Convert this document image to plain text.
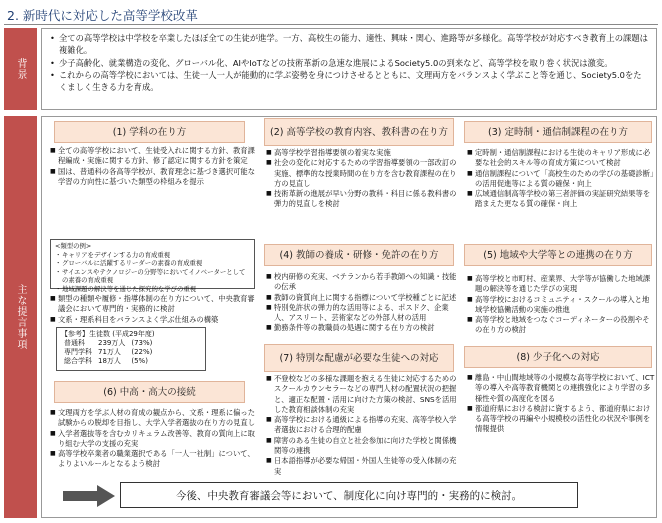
2. 新時代に対応した高等学校改革
背景
• 全ての高等学校は中学校を卒業したほぼ全ての生徒が進学。一方、高校生の能力、適性、興味・関心、進路等が多様化。高等学校が対応すべき教育上の課題は複雑化。
• 少子高齢化、就業構造の変化、グローバル化、AIやIoTなどの技術革新の急速な進展によるSociety5.0の到来など、高等学校を取り巻く状況は激変。
• これからの高等学校においては、生徒一人一人が能動的に学ぶ姿勢を身につけさせるとともに、文理両方をバランスよく学ぶこと等を通じ、Society5.0をたくましく生きる力を育成。
主な提言事項
(1) 学科の在り方
■ 全ての高等学校において、生徒受入れに関する方針、教育課程編成・実施に関する方針、修了認定に関する方針を策定
■ 国は、普通科の各高等学校が、教育理念に基づき選択可能な学習の方向性に基づいた類型の枠組みを提示
<類型の例>
・ キャリアをデザインする力の育成重視
・ グローバルに活躍するリーダーの素養の育成重視
・ サイエンスやテクノロジーの分野等においてイノベーターとしての素養の育成重視
・ 地域課題の解決等を通じた探究的な学びの重視
■ 類型の種類や履修・指導体制の在り方について、中央教育審議会において専門的・実務的に検討
■ 文系・理系科目をバランスよく学ぶ仕組みの構築
【参考】生徒数 (平成29年度)
普通科	239万人	(73%)
専門学科	71万人	(22%)
総合学科	18万人	(5%)
(2) 高等学校の教育内容、教科書の在り方
■ 高等学校学習指導要領の着実な実施
■ 社会の変化に対応するための学習指導要領の一部改訂の実施、標準的な授業時間の在り方を含む教育課程の在り方の見直し
■ 技術革新の進展が早い分野の教科・科目に係る教科書の弾力的見直しを検討
(3) 定時制・通信制課程の在り方
■ 定時制・通信制課程における生徒のキャリア形成に必要な社会的スキル等の育成方策について検討
■ 通信制課程について「高校生のための学びの基礎診断」の活用促進等による質の確保・向上
■ 広域通信制高等学校の第三者評価の実証研究結果等を踏まえた更なる質の確保・向上
(4) 教師の養成・研修・免許の在り方
■ 校内研修の充実、ベテランから若手教師への知識・技能の伝承
■ 教師の資質向上に関する指標について学校種ごとに記述
■ 特別免許状の弾力的な活用等による、ポスドク、企業人、アスリート、芸術家などの外部人材の活用
■ 勤務条件等の教職員の処遇に関する在り方の検討
(5) 地域や大学等との連携の在り方
■ 高等学校と市町村、産業界、大学等が協働した地域課題の解決等を通じた学びの実現
■ 高等学校におけるコミュニティ・スクールの導入と地域学校協働活動の実施の推進
■ 高等学校と地域をつなぐコーディネーターの役割やその在り方の検討
(6) 中高・高大の接続
■ 文理両方を学ぶ人材の育成の観点から、文系・理系に偏った試験からの脱却を目指し、大学入学者選抜の在り方の見直し
■ 入学者選抜等を含むカリキュラム改善等、教育の質向上に取り組む大学の支援の充実
■ 高等学校卒業者の職業選択である「一人一社制」について、よりよいルールとなるよう検討
(7) 特別な配慮が必要な生徒への対応
■ 不登校などの多様な課題を抱える生徒に対応するためのスクールカウンセラーなどの専門人材の配置状況の把握と、適正な配置・活用に向けた方策の検討、SNSを活用した教育相談体制の充実
■ 高等学校における通級による指導の充実、高等学校入学者選抜における合理的配慮
■ 障害のある生徒の自立と社会参加に向けた学校と関係機関等の連携
■ 日本語指導が必要な帰国・外国人生徒等の受入体制の充実
(8) 少子化への対応
■ 離島・中山間地域等の小規模な高等学校において、ICT等の導入や高等教育機関との連携強化により学習の多様性や質の高度化を図る
■ 都道府県における検討に資するよう、都道府県における高等学校の再編や小規模校の活性化の状況や事例を情報提供
今後、中央教育審議会等において、制度化に向け専門的・実務的に検討。
